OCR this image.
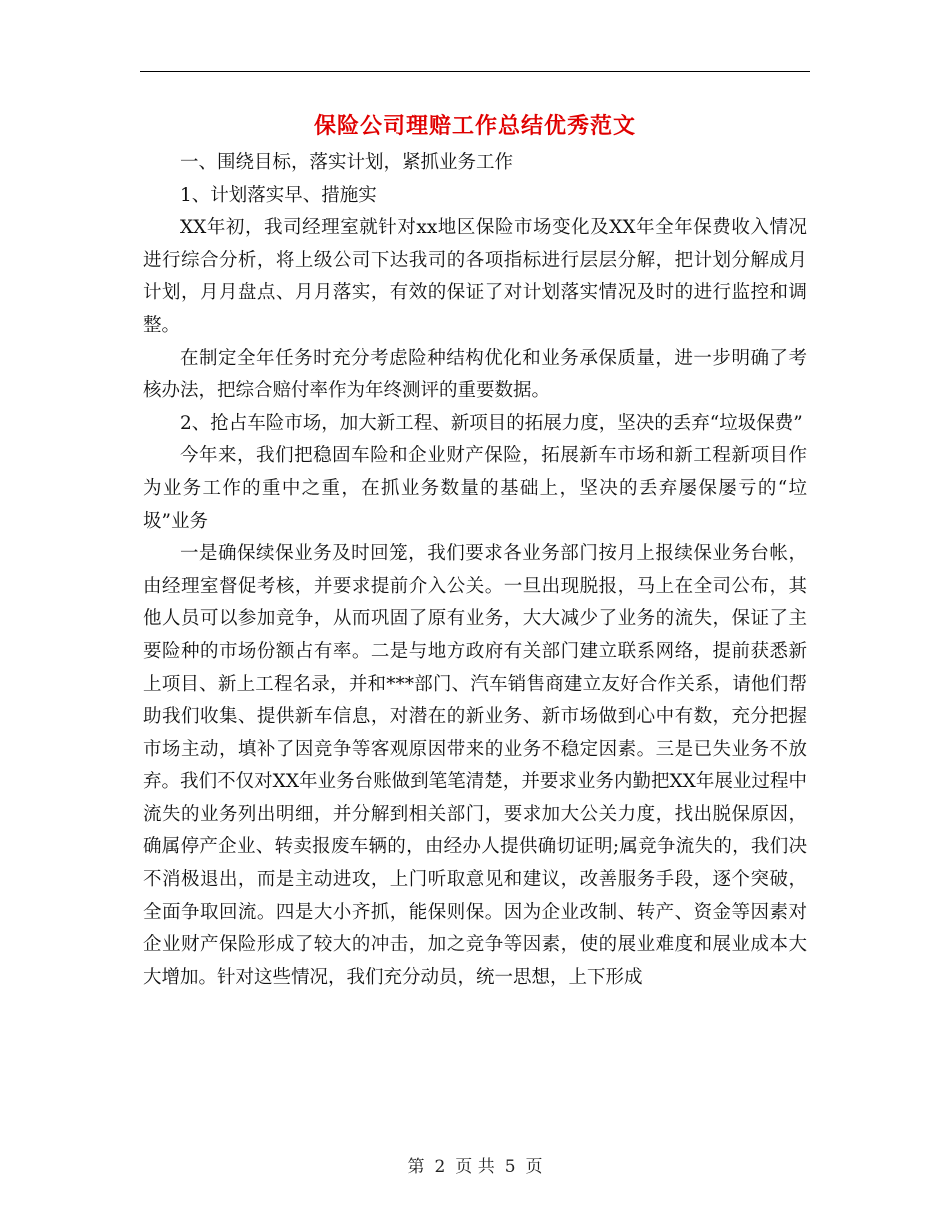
保险公司理赔工作总结优秀范文

一、围绕目标，落实计划，紧抓业务工作

1、计划落实早、措施实

XX年初，我司经理室就针对xx地区保险市场变化及XX年全年保费收入情况进行综合分析，将上级公司下达我司的各项指标进行层层分解，把计划分解成月计划，月月盘点、月月落实，有效的保证了对计划落实情况及时的进行监控和调整。

在制定全年任务时充分考虑险种结构优化和业务承保质量，进一步明确了考核办法，把综合赔付率作为年终测评的重要数据。

2、抢占车险市场，加大新工程、新项目的拓展力度，坚决的丢弃“垃圾保费”

今年来，我们把稳固车险和企业财产保险，拓展新车市场和新工程新项目作为业务工作的重中之重，在抓业务数量的基础上，坚决的丢弃屡保屡亏的“垃圾”业务

一是确保续保业务及时回笼，我们要求各业务部门按月上报续保业务台帐，由经理室督促考核，并要求提前介入公关。一旦出现脱报，马上在全司公布，其他人员可以参加竞争，从而巩固了原有业务，大大减少了业务的流失，保证了主要险种的市场份额占有率。二是与地方政府有关部门建立联系网络，提前获悉新上项目、新上工程名录，并和***部门、汽车销售商建立友好合作关系，请他们帮助我们收集、提供新车信息，对潜在的新业务、新市场做到心中有数，充分把握市场主动，填补了因竞争等客观原因带来的业务不稳定因素。三是已失业务不放弃。我们不仅对XX年业务台账做到笔笔清楚，并要求业务内勤把XX年展业过程中流失的业务列出明细，并分解到相关部门，要求加大公关力度，找出脱保原因，确属停产企业、转卖报废车辆的，由经办人提供确切证明;属竞争流失的，我们决不消极退出，而是主动进攻，上门听取意见和建议，改善服务手段，逐个突破，全面争取回流。四是大小齐抓，能保则保。因为企业改制、转产、资金等因素对企业财产保险形成了较大的冲击，加之竞争等因素，使的展业难度和展业成本大大增加。针对这些情况，我们充分动员，统一思想，上下形成

第 2 页 共 5 页
